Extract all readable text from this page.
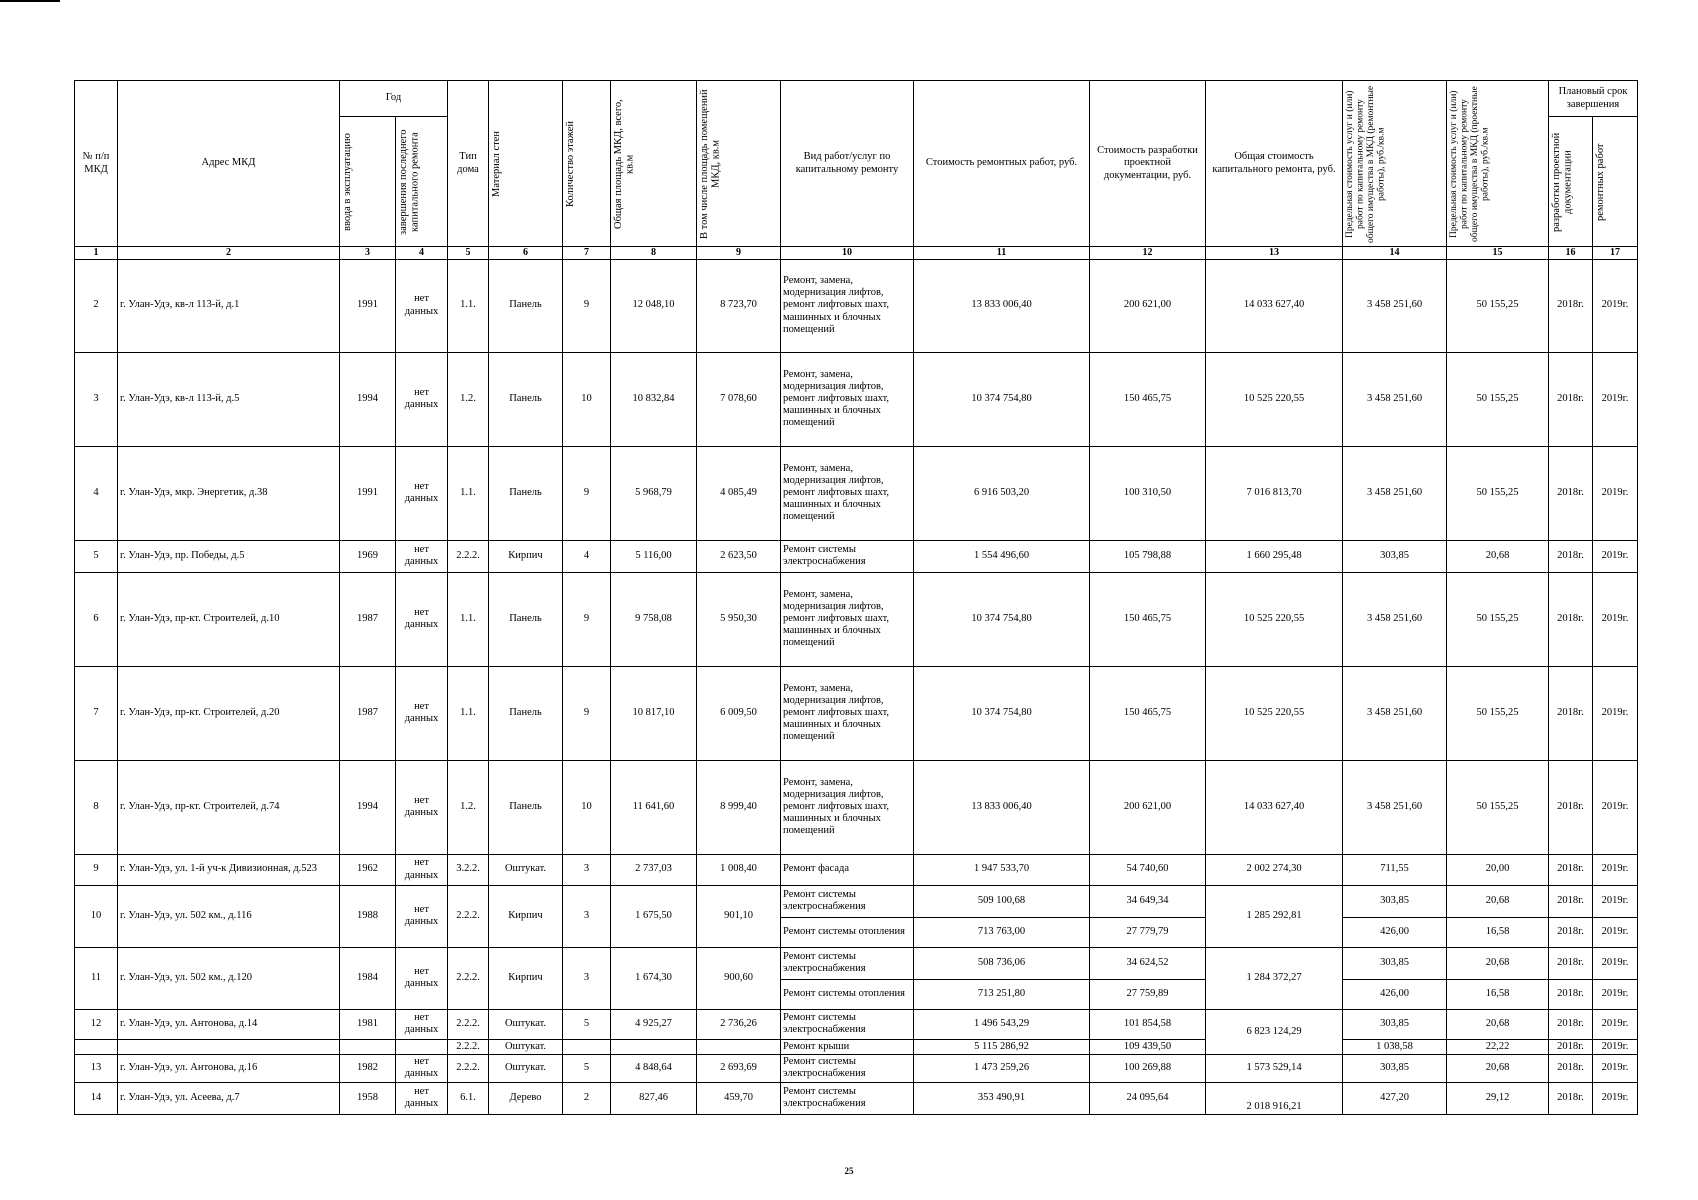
№ п/п МКД	Адрес МКД	Год		Тип дома	Материал стен	Количество этажей	Общая площадь МКД, всего, кв.м	В том числе площадь помещений МКД, кв.м	Вид работ/услуг по капитальному ремонту	Стоимость ремонтных работ, руб.	Стоимость разработки проектной документации, руб.	Общая стоимость капитального ремонта, руб.	Предельная стоимость услуг и (или) работ по капитальному ремонту общего имущества в МКД (ремонтные работы), руб./кв.м	Предельная стоимость услуг и (или) работ по капитальному ремонту общего имущества в МКД (проектные работы), руб./кв.м	Плановый срок завершения	

		ввода в эксплуатацию	завершения последнего капитального ремонта												разработки проектной документации	ремонтных работ

1	2	3	4	5	6	7	8	9	10	11	12	13	14	15	16	17
2	г. Улан-Удэ, кв-л 113-й, д.1	1991	нет данных	1.1.	Панель	9	12 048,10	8 723,70	Ремонт, замена, модернизация лифтов, ремонт лифтовых шахт, машинных и блочных помещений	13 833 006,40	200 621,00	14 033 627,40	3 458 251,60	50 155,25	2018г.	2019г.
3	г. Улан-Удэ, кв-л 113-й, д.5	1994	нет данных	1.2.	Панель	10	10 832,84	7 078,60	Ремонт, замена, модернизация лифтов, ремонт лифтовых шахт, машинных и блочных помещений	10 374 754,80	150 465,75	10 525 220,55	3 458 251,60	50 155,25	2018г.	2019г.
4	г. Улан-Удэ, мкр. Энергетик, д.38	1991	нет данных	1.1.	Панель	9	5 968,79	4 085,49	Ремонт, замена, модернизация лифтов, ремонт лифтовых шахт, машинных и блочных помещений	6 916 503,20	100 310,50	7 016 813,70	3 458 251,60	50 155,25	2018г.	2019г.
5	г. Улан-Удэ, пр. Победы, д.5	1969	нет данных	2.2.2.	Кирпич	4	5 116,00	2 623,50	Ремонт системы электроснабжения	1 554 496,60	105 798,88	1 660 295,48	303,85	20,68	2018г.	2019г.
6	г. Улан-Удэ, пр-кт. Строителей, д.10	1987	нет данных	1.1.	Панель	9	9 758,08	5 950,30	Ремонт, замена, модернизация лифтов, ремонт лифтовых шахт, машинных и блочных помещений	10 374 754,80	150 465,75	10 525 220,55	3 458 251,60	50 155,25	2018г.	2019г.
7	г. Улан-Удэ, пр-кт. Строителей, д.20	1987	нет данных	1.1.	Панель	9	10 817,10	6 009,50	Ремонт, замена, модернизация лифтов, ремонт лифтовых шахт, машинных и блочных помещений	10 374 754,80	150 465,75	10 525 220,55	3 458 251,60	50 155,25	2018г.	2019г.
8	г. Улан-Удэ, пр-кт. Строителей, д.74	1994	нет данных	1.2.	Панель	10	11 641,60	8 999,40	Ремонт, замена, модернизация лифтов, ремонт лифтовых шахт, машинных и блочных помещений	13 833 006,40	200 621,00	14 033 627,40	3 458 251,60	50 155,25	2018г.	2019г.
9	г. Улан-Удэ, ул. 1-й уч-к Дивизионная, д.523	1962	нет данных	3.2.2.	Оштукат.	3	2 737,03	1 008,40	Ремонт фасада	1 947 533,70	54 740,60	2 002 274,30	711,55	20,00	2018г.	2019г.
10	г. Улан-Удэ, ул. 502 км., д.116	1988	нет данных	2.2.2.	Кирпич	3	1 675,50	901,10	Ремонт системы электроснабжения	509 100,68	34 649,34	1 285 292,81	303,85	20,68	2018г.	2019г.
									Ремонт системы отопления	713 763,00	27 779,79		426,00	16,58	2018г.	2019г.
11	г. Улан-Удэ, ул. 502 км., д.120	1984	нет данных	2.2.2.	Кирпич	3	1 674,30	900,60	Ремонт системы электроснабжения	508 736,06	34 624,52	1 284 372,27	303,85	20,68	2018г.	2019г.
									Ремонт системы отопления	713 251,80	27 759,89		426,00	16,58	2018г.	2019г.
12	г. Улан-Удэ, ул. Антонова, д.14	1981	нет данных	2.2.2.	Оштукат.	5	4 925,27	2 736,26	Ремонт системы электроснабжения	1 496 543,29	101 854,58	6 823 124,29	303,85	20,68	2018г.	2019г.
				2.2.2.	Оштукат.				Ремонт крыши	5 115 286,92	109 439,50		1 038,58	22,22	2018г.	2019г.
13	г. Улан-Удэ, ул. Антонова, д.16	1982	нет данных	2.2.2.	Оштукат.	5	4 848,64	2 693,69	Ремонт системы электроснабжения	1 473 259,26	100 269,88	1 573 529,14	303,85	20,68	2018г.	2019г.
14	г. Улан-Удэ, ул. Асеева, д.7	1958	нет данных	6.1.	Дерево	2	827,46	459,70	Ремонт системы электроснабжения	353 490,91	24 095,64	2 018 916,21	427,20	29,12	2018г.	2019г.
25
